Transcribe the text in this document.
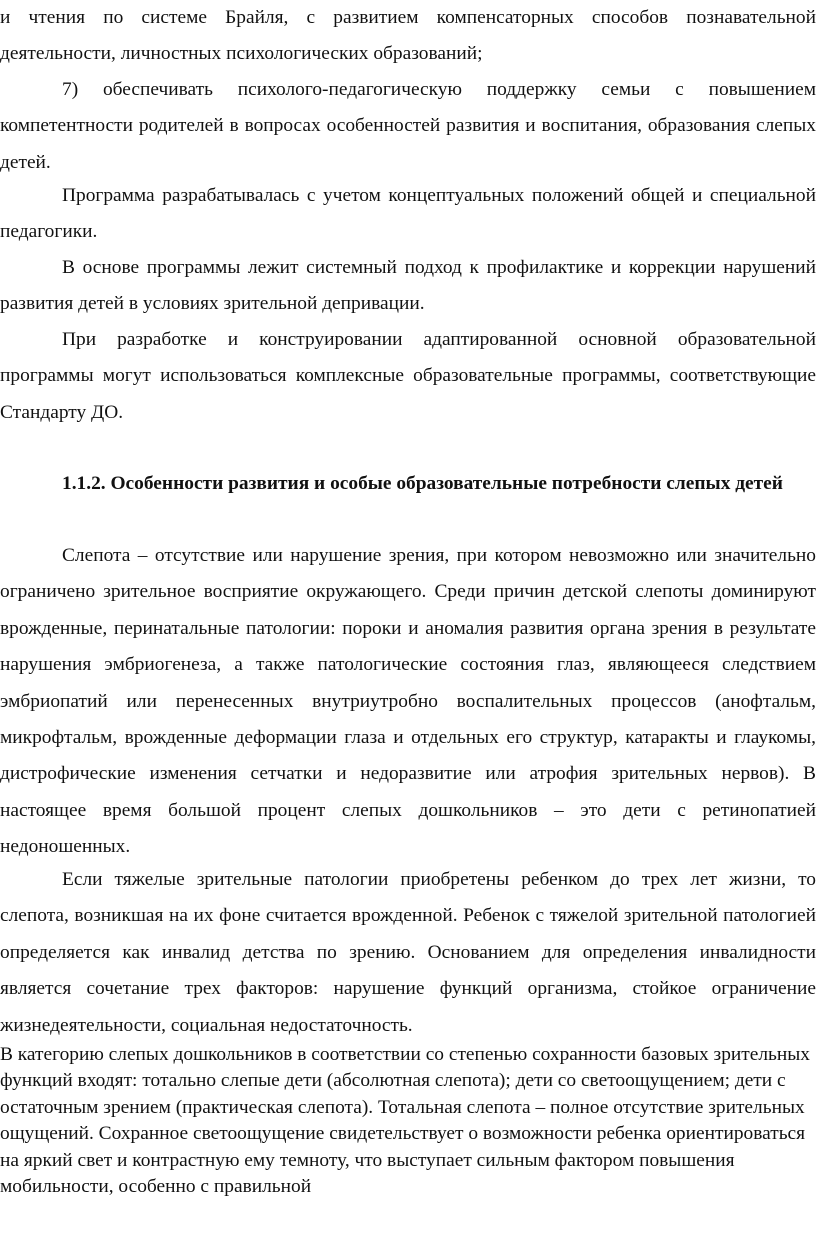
и чтения по системе Брайля, с развитием компенсаторных способов познавательной деятельности, личностных психологических образований;

7) обеспечивать психолого-педагогическую поддержку семьи с повышением компетентности родителей в вопросах особенностей развития и воспитания, образования слепых детей.

Программа разрабатывалась с учетом концептуальных положений общей и специальной педагогики.

В основе программы лежит системный подход к профилактике и коррекции нарушений развития детей в условиях зрительной депривации.

При разработке и конструировании адаптированной основной образовательной программы могут использоваться комплексные образовательные программы, соответствующие Стандарту ДО.

1.1.2. Особенности развития и особые образовательные потребности слепых детей

Слепота – отсутствие или нарушение зрения, при котором невозможно или значительно ограничено зрительное восприятие окружающего. Среди причин детской слепоты доминируют врожденные, перинатальные патологии: пороки и аномалия развития органа зрения в результате нарушения эмбриогенеза, а также патологические состояния глаз, являющееся следствием эмбриопатий или перенесенных внутриутробно воспалительных процессов (анофтальм, микрофтальм, врожденные деформации глаза и отдельных его структур, катаракты и глаукомы, дистрофические изменения сетчатки и недоразвитие или атрофия зрительных нервов). В настоящее время большой процент слепых дошкольников – это дети с ретинопатией недоношенных.

Если тяжелые зрительные патологии приобретены ребенком до трех лет жизни, то слепота, возникшая на их фоне считается врожденной. Ребенок с тяжелой зрительной патологией определяется как инвалид детства по зрению. Основанием для определения инвалидности является сочетание трех факторов: нарушение функций организма, стойкое ограничение жизнедеятельности, социальная недостаточность.

В категорию слепых дошкольников в соответствии со степенью сохранности базовых зрительных функций входят: тотально слепые дети (абсолютная слепота); дети со светоощущением; дети с остаточным зрением (практическая слепота). Тотальная слепота – полное отсутствие зрительных ощущений. Сохранное светоощущение свидетельствует о возможности ребенка ориентироваться на яркий свет и контрастную ему темноту, что выступает сильным фактором повышения мобильности, особенно с правильной
